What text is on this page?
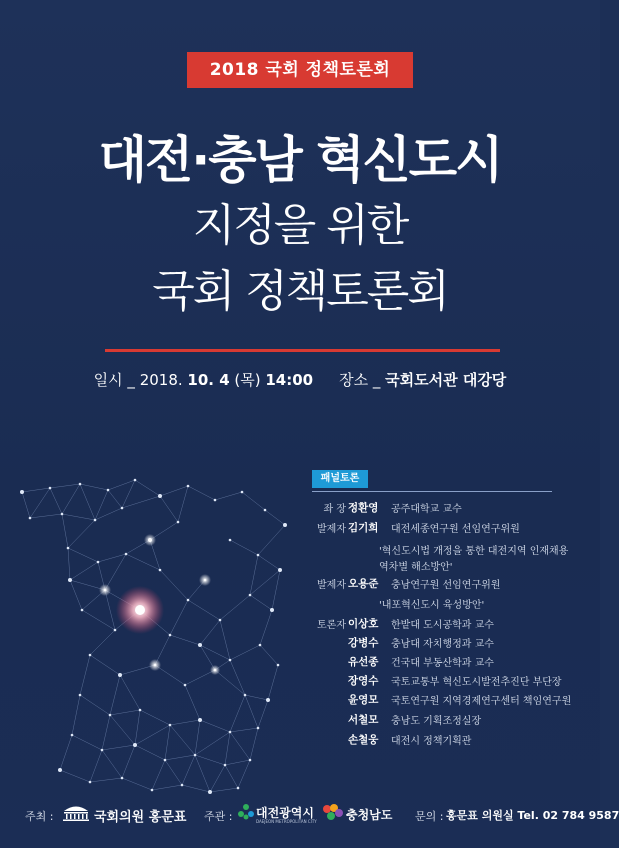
2018 국회 정책토론회
대전·충남 혁신도시
지정을 위한
국회 정책토론회
일시 _ 2018. 10. 4 (목) 14:00 장소 _ 국회도서관 대강당
패널토론
좌 장 정환영 공주대학교 교수
발제자 김기희 대전세종연구원 선임연구위원
'혁신도시법 개정을 통한 대전지역 인재채용
역차별 해소방안'
발제자 오용준 충남연구원 선임연구위원
'내포혁신도시 육성방안'
토론자 이상호 한밭대 도시공학과 교수
강병수 충남대 자치행정과 교수
유선종 건국대 부동산학과 교수
장영수 국토교통부 혁신도시발전추진단 부단장
윤영모 국토연구원 지역경제연구센터 책임연구원
서철모 충남도 기획조정실장
손철웅 대전시 정책기획관
주최 :	국회의원 홍문표 주관 : 대전광역시
DAEJEON METROPOLITAN CITY 충청남도 문의 : 홍문표 의원실 Tel. 02 784 9587
